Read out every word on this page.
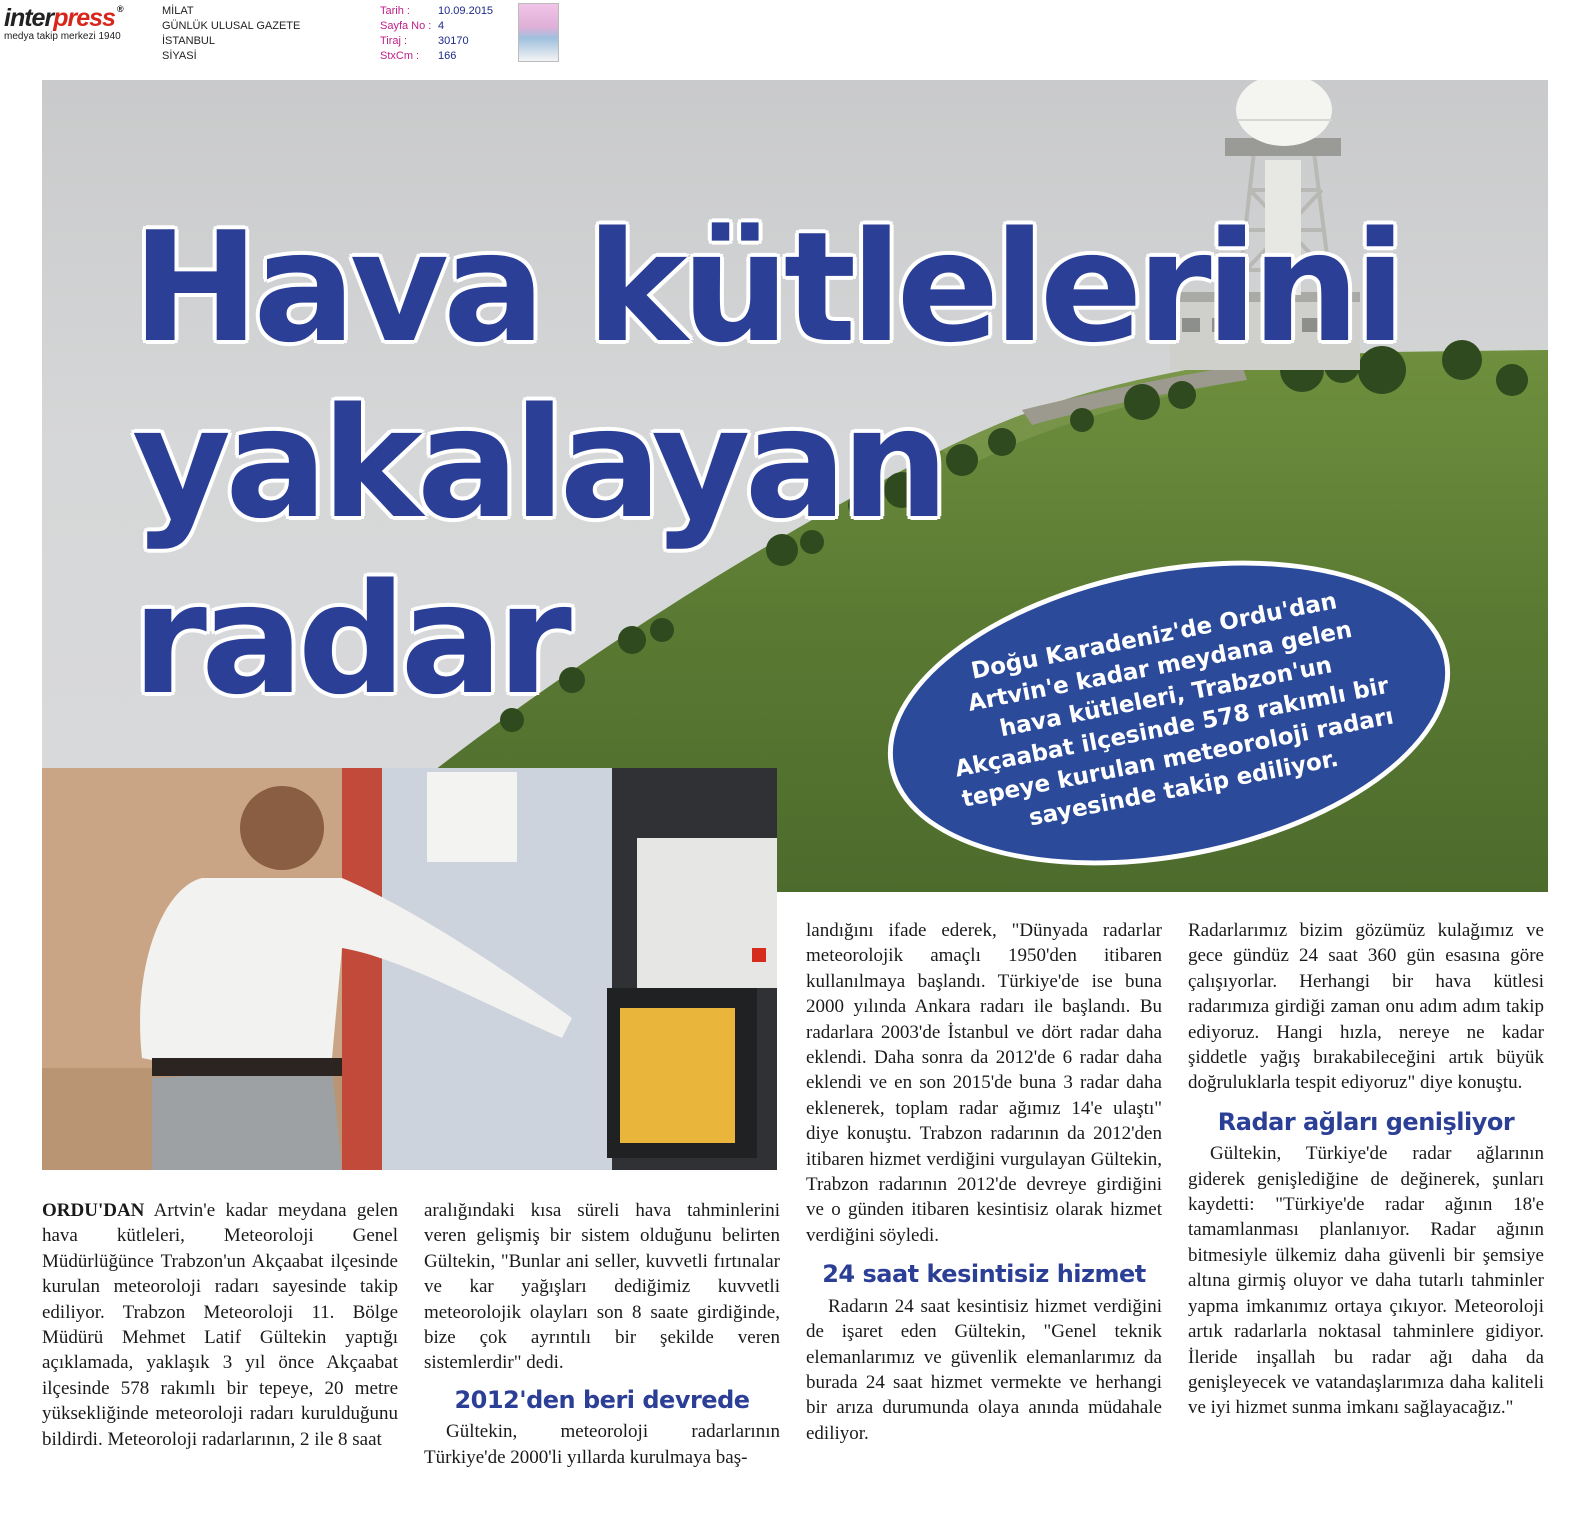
interpress ®
medya takip merkezi 1940
MİLAT
GÜNLÜK ULUSAL GAZETE
İSTANBUL
SİYASİ
Tarih :	10.09.2015
Sayfa No : 4
Tiraj :	30170
StxCm :	166
Hava kütlelerini
yakalayan
radar	Doğu Karadeniz'de Ordu'dan Artvin'e kadar meydana gelen hava kütleleri, Trabzon'un Akçaabat ilçesinde 578 rakımlı bir tepeye kurulan meteoroloji radarı sayesinde takip ediliyor.

ORDU'DAN Artvin'e kadar meydana gelen hava kütleleri, Meteoroloji Genel Müdürlüğünce Trabzon'un Akçaabat ilçesinde kurulan meteoroloji radarı sayesinde takip ediliyor. Trabzon Meteoroloji 11. Bölge Müdürü Mehmet Latif Gültekin yaptığı açıklamada, yaklaşık 3 yıl önce Akçaabat ilçesinde 578 rakımlı bir tepeye, 20 metre yüksekliğinde meteoroloji radarı kurulduğunu bildirdi. Meteoroloji radarlarının, 2 ile 8 saat

aralığındaki kısa süreli hava tahminlerini veren gelişmiş bir sistem olduğunu belirten Gültekin, "Bunlar ani seller, kuvvetli fırtınalar ve kar yağışları dediğimiz kuvvetli meteorolojik olayları son 8 saate girdiğinde, bize çok ayrıntılı bir şekilde veren sistemlerdir" dedi.

2012'den beri devrede

Gültekin, meteoroloji radarlarının Türkiye'de 2000'li yıllarda kurulmaya baş-

landığını ifade ederek, "Dünyada radarlar meteorolojik amaçlı 1950'den itibaren kullanılmaya başlandı. Türkiye'de ise buna 2000 yılında Ankara radarı ile başlandı. Bu radarlara 2003'de İstanbul ve dört radar daha eklendi. Daha sonra da 2012'de 6 radar daha eklendi ve en son 2015'de buna 3 radar daha eklenerek, toplam radar ağımız 14'e ulaştı" diye konuştu. Trabzon radarının da 2012'den itibaren hizmet verdiğini vurgulayan Gültekin, Trabzon radarının 2012'de devreye girdiğini ve o günden itibaren kesintisiz olarak hizmet verdiğini söyledi.

24 saat kesintisiz hizmet

Radarın 24 saat kesintisiz hizmet verdiğini de işaret eden Gültekin, "Genel teknik elemanlarımız ve güvenlik elemanlarımız da burada 24 saat hizmet vermekte ve herhangi bir arıza durumunda olaya anında müdahale ediliyor.

Radarlarımız bizim gözümüz kulağımız ve gece gündüz 24 saat 360 gün esasına göre çalışıyorlar. Herhangi bir hava kütlesi radarımıza girdiği zaman onu adım adım takip ediyoruz. Hangi hızla, nereye ne kadar şiddetle yağış bırakabileceğini artık büyük doğruluklarla tespit ediyoruz" diye konuştu.

Radar ağları genişliyor

Gültekin, Türkiye'de radar ağlarının giderek genişlediğine de değinerek, şunları kaydetti: "Türkiye'de radar ağının 18'e tamamlanması planlanıyor. Radar ağının bitmesiyle ülkemiz daha güvenli bir şemsiye altına girmiş oluyor ve daha tutarlı tahminler yapma imkanımız ortaya çıkıyor. Meteoroloji artık radarlarla noktasal tahminlere gidiyor. İleride inşallah bu radar ağı daha da genişleyecek ve vatandaşlarımıza daha kaliteli ve iyi hizmet sunma imkanı sağlayacağız."
